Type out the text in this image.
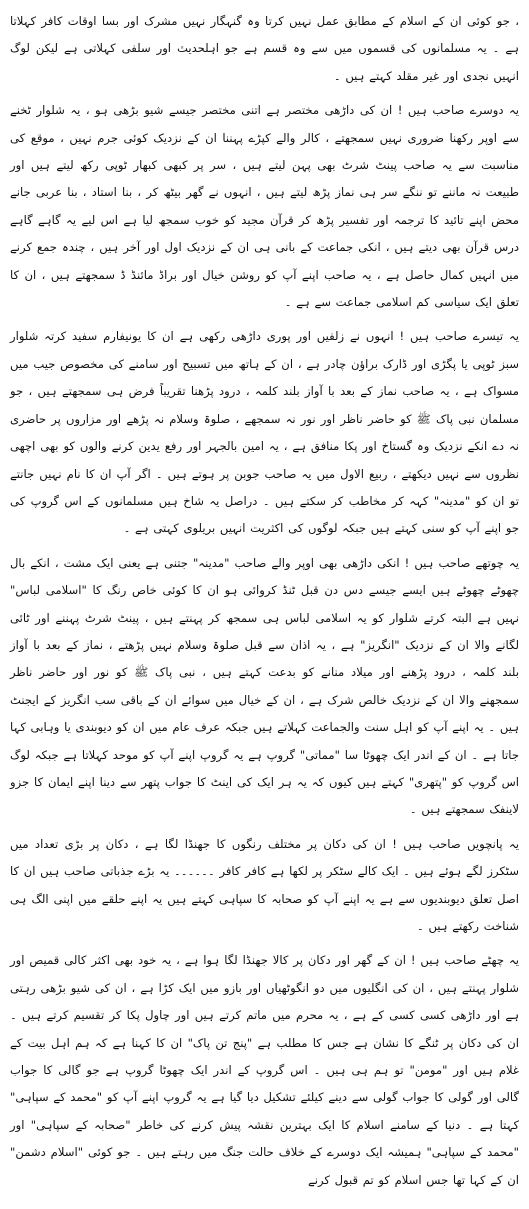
، جو کوئی ان کے اسلام کے مطابق عمل نہیں کرتا وہ گنہگار نہیں مشرک اور بسا اوقات کافر کہلاتا ہے ۔ یہ مسلمانوں کی قسموں میں سے وہ قسم ہے جو اہلحدیث اور سلفی کہلاتی ہے لیکن لوگ انہیں نجدی اور غیر مقلد کہتے ہیں ۔

یہ دوسرے صاحب ہیں ! ان کی داڑھی مختصر ہے اتنی مختصر جیسے شیو بڑھی ہو ، یہ شلوار ٹخنے سے اوپر رکھنا ضروری نہیں سمجھتے ، کالر والے کپڑے پہننا ان کے نزدیک کوئی جرم نہیں ، موقع کی مناسبت سے یہ صاحب پینٹ شرٹ بھی پہن لیتے ہیں ، سر پر کبھی کبھار ٹوپی رکھ لیتے ہیں اور طبیعت نہ ماننے تو ننگے سر ہی نماز پڑھ لیتے ہیں ، انہوں نے گھر بیٹھ کر ، بنا استاد ، بنا عربی جانے محض اپنے تائید کا ترجمہ اور تفسیر پڑھ کر قرآن مجید کو خوب سمجھ لیا ہے اس لیے یہ گاہے گاہے درس قرآن بھی دیتے ہیں ، انکی جماعت کے بانی ہی ان کے نزدیک اول اور آخر ہیں ، چندہ جمع کرنے میں انہیں کمال حاصل ہے ، یہ صاحب اپنے آپ کو روشن خیال اور براڈ مائنڈ ڈ سمجھتے ہیں ، ان کا تعلق ایک سیاسی کم اسلامی جماعت سے ہے ۔

یہ تیسرے صاحب ہیں ! انہوں نے زلفیں اور پوری داڑھی رکھی ہے ان کا یونیفارم سفید کرتہ شلوار سبز ٹوپی یا پگڑی اور ڈارک براؤن چادر ہے ، ان کے ہاتھ میں تسبیح اور سامنے کی مخصوص جیب میں مسواک ہے ، یہ صاحب نماز کے بعد با آواز بلند کلمہ ، درود پڑھنا تقریباً فرض ہی سمجھتے ہیں ، جو مسلمان نبی پاک ﷺ کو حاضر ناظر اور نور نہ سمجھے ، صلوۃ وسلام نہ پڑھے اور مزاروں پر حاضری نہ دے انکے نزدیک وہ گستاخ اور پکا منافق ہے ، یہ امین بالجہر اور رفع یدین کرنے والوں کو بھی اچھی نظروں سے نہیں دیکھتے ، ربیع الاول میں یہ صاحب جوبن پر ہوتے ہیں ۔ اگر آپ ان کا نام نہیں جانتے تو ان کو "مدینہ" کہہ کر مخاطب کر سکتے ہیں ۔ دراصل یہ شاخ ہیں مسلمانوں کے اس گروپ کی جو اپنے آپ کو سنی کہتے ہیں جبکہ لوگوں کی اکثریت انہیں بریلوی کہتی ہے ۔

یہ چوتھے صاحب ہیں ! انکی داڑھی بھی اوپر والے صاحب "مدینہ" جتنی ہے یعنی ایک مشت ، انکے بال چھوٹے چھوٹے ہیں ایسے جیسے دس دن قبل ٹنڈ کروائی ہو ان کا کوئی خاص رنگ کا "اسلامی لباس" نہیں ہے البتہ کرتے شلوار کو یہ اسلامی لباس ہی سمجھ کر پہنتے ہیں ، پینٹ شرٹ پہننے اور ٹائی لگانے والا ان کے نزدیک "انگریز" ہے ، یہ اذان سے قبل صلوۃ وسلام نہیں پڑھتے ، نماز کے بعد با آواز بلند کلمہ ، درود پڑھنے اور میلاد منانے کو بدعت کہتے ہیں ، نبی پاک ﷺ کو نور اور حاضر ناظر سمجھنے والا ان کے نزدیک خالص شرک ہے ، ان کے خیال میں سوائے ان کے باقی سب انگریز کے ایجنٹ ہیں ۔ یہ اپنے آپ کو اہل سنت والجماعت کہلاتے ہیں جبکہ عرف عام میں ان کو دیوبندی یا وہابی کہا جاتا ہے ۔ ان کے اندر ایک چھوٹا سا "مماتی" گروپ ہے یہ گروپ اپنے آپ کو موحد کہلاتا ہے جبکہ لوگ اس گروپ کو "پتھری" کہتے ہیں کیوں کہ یہ ہر ایک کی اینٹ کا جواب پتھر سے دینا اپنے ایمان کا جزو لاینفک سمجھتے ہیں ۔

یہ پانچویں صاحب ہیں ! ان کی دکان پر مختلف رنگوں کا جھنڈا لگا ہے ، دکان پر بڑی تعداد میں سٹکرز لگے ہوئے ہیں ۔ ایک کالے سٹکر پر لکھا ہے کافر کافر ۔۔۔۔۔۔ یہ بڑے جذباتی صاحب ہیں ان کا اصل تعلق دیوبندیوں سے ہے یہ اپنے آپ کو صحابہ کا سپاہی کہتے ہیں یہ اپنے حلقے میں اپنی الگ ہی شناخت رکھتے ہیں ۔

یہ چھٹے صاحب ہیں ! ان کے گھر اور دکان پر کالا جھنڈا لگا ہوا ہے ، یہ خود بھی اکثر کالی قمیص اور شلوار پہنتے ہیں ، ان کی انگلیوں میں دو انگوٹھیاں اور بازو میں ایک کڑا ہے ، ان کی شیو بڑھی رہتی ہے اور داڑھی کسی کسی کے ہے ، یہ محرم میں ماتم کرتے ہیں اور چاول پکا کر تقسیم کرتے ہیں ۔ ان کی دکان پر ٹنگے کا نشان ہے جس کا مطلب ہے "پنج تن پاک" ان کا کہنا ہے کہ ہم اہل بیت کے غلام ہیں اور "مومن" تو ہم ہی ہیں ۔ اس گروپ کے اندر ایک چھوٹا گروپ ہے جو گالی کا جواب گالی اور گولی کا جواب گولی سے دینے کیلئے تشکیل دیا گیا ہے یہ گروپ اپنے آپ کو "محمد کے سپاہی" کہتا ہے ۔ دنیا کے سامنے اسلام کا ایک بہترین نقشہ پیش کرنے کی خاطر "صحابہ کے سپاہی" اور "محمد کے سپاہی" ہمیشہ ایک دوسرے کے خلاف حالت جنگ میں رہتے ہیں ۔ جو کوئی "اسلام دشمن" ان کے کہا تھا جس اسلام کو تم قبول کرنے
